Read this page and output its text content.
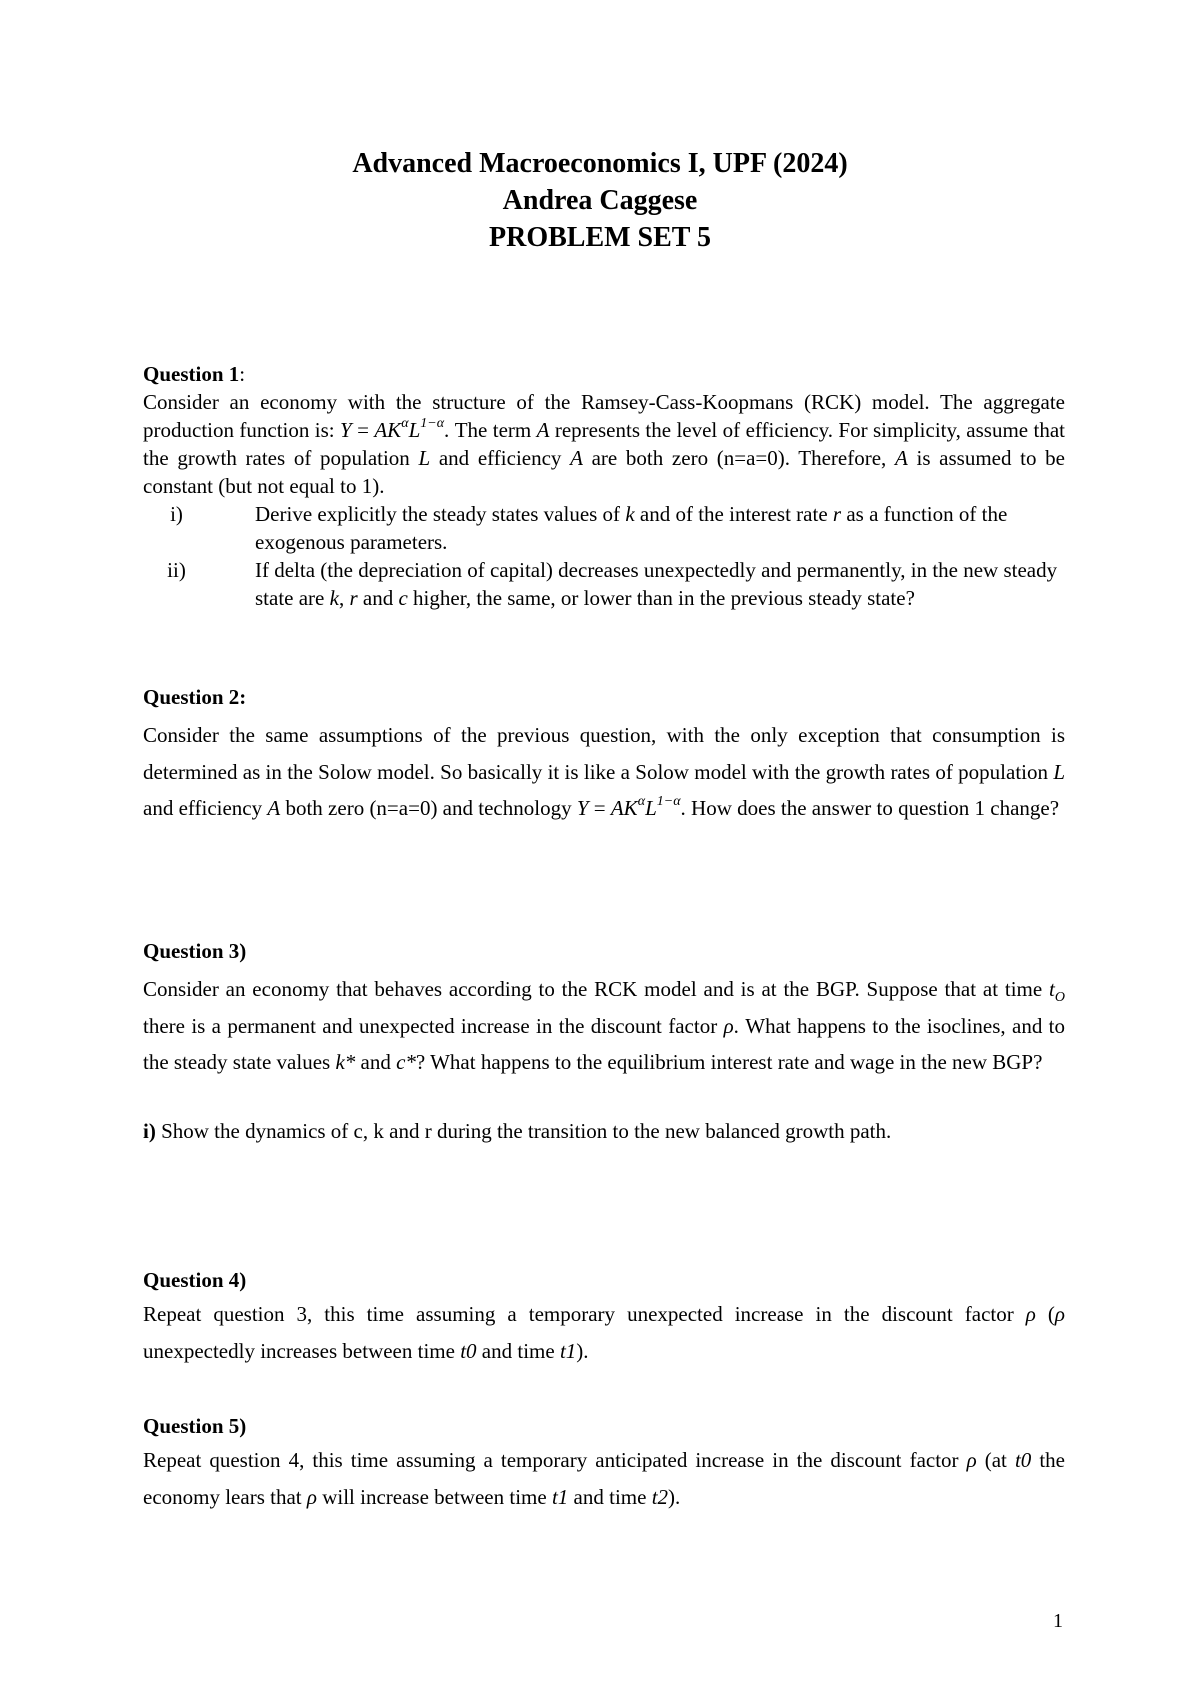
Advanced Macroeconomics I, UPF (2024)
Andrea Caggese
PROBLEM SET 5
Question 1:
Consider an economy with the structure of the Ramsey-Cass-Koopmans (RCK) model. The aggregate production function is: $Y = AK^\alpha L^{1-\alpha}$. The term A represents the level of efficiency. For simplicity, assume that the growth rates of population L and efficiency A are both zero (n=a=0). Therefore, A is assumed to be constant (but not equal to 1).
i)	Derive explicitly the steady states values of k and of the interest rate r as a function of the exogenous parameters.
ii)	If delta (the depreciation of capital) decreases unexpectedly and permanently, in the new steady state are k, r and c higher, the same, or lower than in the previous steady state?
Question 2:
Consider the same assumptions of the previous question, with the only exception that consumption is determined as in the Solow model. So basically it is like a Solow model with the growth rates of population L and efficiency A both zero (n=a=0) and technology $Y = AK^\alpha L^{1-\alpha}$. How does the answer to question 1 change?
Question 3)
Consider an economy that behaves according to the RCK model and is at the BGP. Suppose that at time $t_O$ there is a permanent and unexpected increase in the discount factor ρ. What happens to the isoclines, and to the steady state values k* and c*? What happens to the equilibrium interest rate and wage in the new BGP?
i) Show the dynamics of c, k and r during the transition to the new balanced growth path.
Question 4)
Repeat question 3, this time assuming a temporary unexpected increase in the discount factor ρ (ρ unexpectedly increases between time t0 and time t1).
Question 5)
Repeat question 4, this time assuming a temporary anticipated increase in the discount factor ρ (at t0 the economy lears that ρ will increase between time t1 and time t2).
1
